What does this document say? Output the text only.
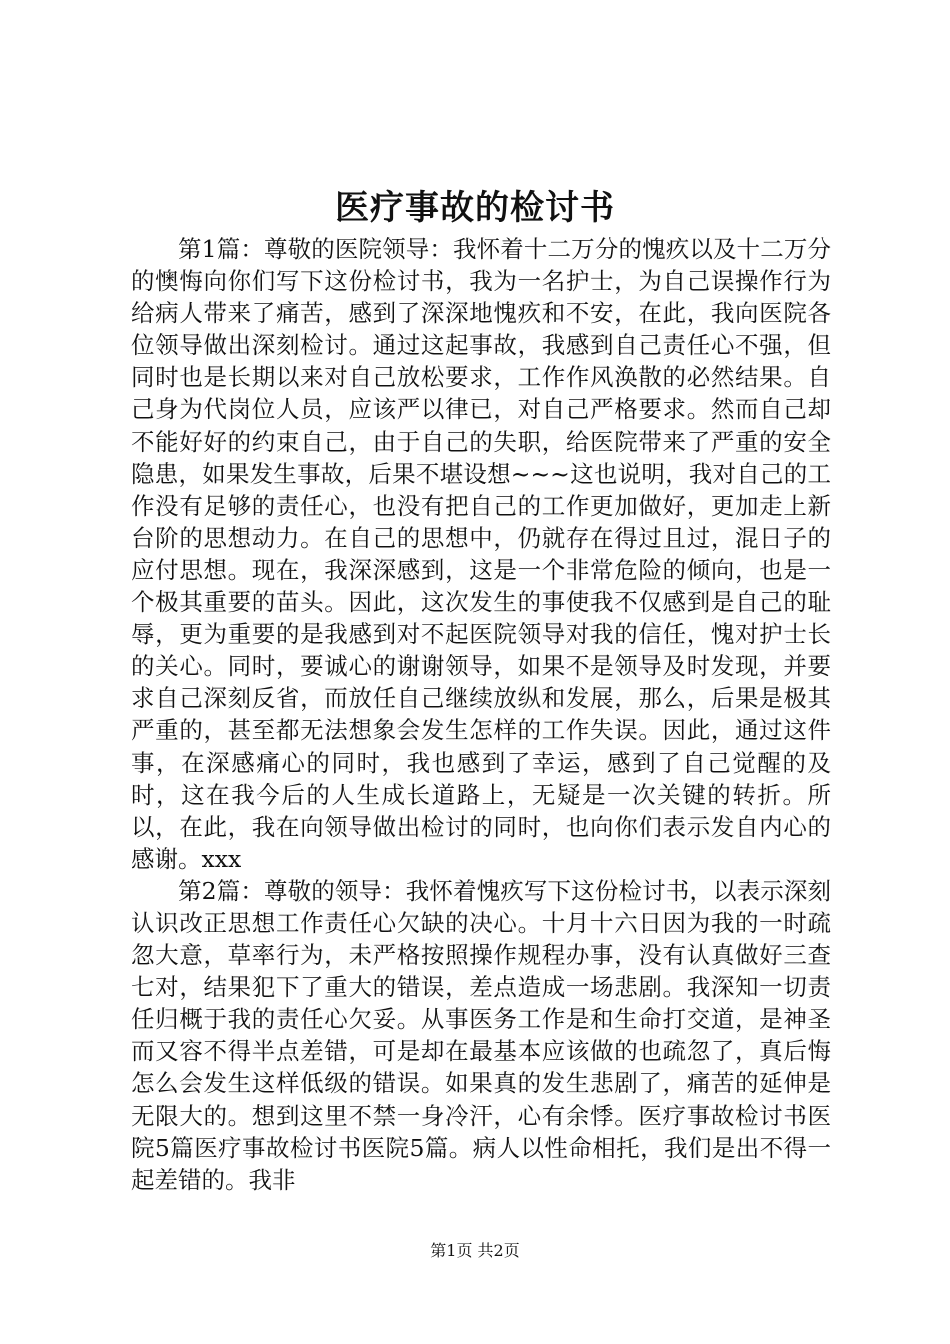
医疗事故的检讨书

第1篇：尊敬的医院领导：我怀着十二万分的愧疚以及十二万分的懊悔向你们写下这份检讨书，我为一名护士，为自己误操作行为给病人带来了痛苦，感到了深深地愧疚和不安，在此，我向医院各位领导做出深刻检讨。通过这起事故，我感到自己责任心不强，但同时也是长期以来对自己放松要求，工作作风涣散的必然结果。自己身为代岗位人员，应该严以律已，对自己严格要求。然而自己却不能好好的约束自己，由于自己的失职，给医院带来了严重的安全隐患，如果发生事故，后果不堪设想~~~这也说明，我对自己的工作没有足够的责任心，也没有把自己的工作更加做好，更加走上新台阶的思想动力。在自己的思想中，仍就存在得过且过，混日子的应付思想。现在，我深深感到，这是一个非常危险的倾向，也是一个极其重要的苗头。因此，这次发生的事使我不仅感到是自己的耻辱，更为重要的是我感到对不起医院领导对我的信任，愧对护士长的关心。同时，要诚心的谢谢领导，如果不是领导及时发现，并要求自己深刻反省，而放任自己继续放纵和发展，那么，后果是极其严重的，甚至都无法想象会发生怎样的工作失误。因此，通过这件事，在深感痛心的同时，我也感到了幸运，感到了自己觉醒的及时，这在我今后的人生成长道路上，无疑是一次关键的转折。所以，在此，我在向领导做出检讨的同时，也向你们表示发自内心的感谢。xxx

第2篇：尊敬的领导：我怀着愧疚写下这份检讨书，以表示深刻认识改正思想工作责任心欠缺的决心。十月十六日因为我的一时疏忽大意，草率行为，未严格按照操作规程办事，没有认真做好三查七对，结果犯下了重大的错误，差点造成一场悲剧。我深知一切责任归概于我的责任心欠妥。从事医务工作是和生命打交道，是神圣而又容不得半点差错，可是却在最基本应该做的也疏忽了，真后悔怎么会发生这样低级的错误。如果真的发生悲剧了，痛苦的延伸是无限大的。想到这里不禁一身冷汗，心有余悸。医疗事故检讨书医院5篇医疗事故检讨书医院5篇。病人以性命相托，我们是出不得一起差错的。我非

第1页 共2页
